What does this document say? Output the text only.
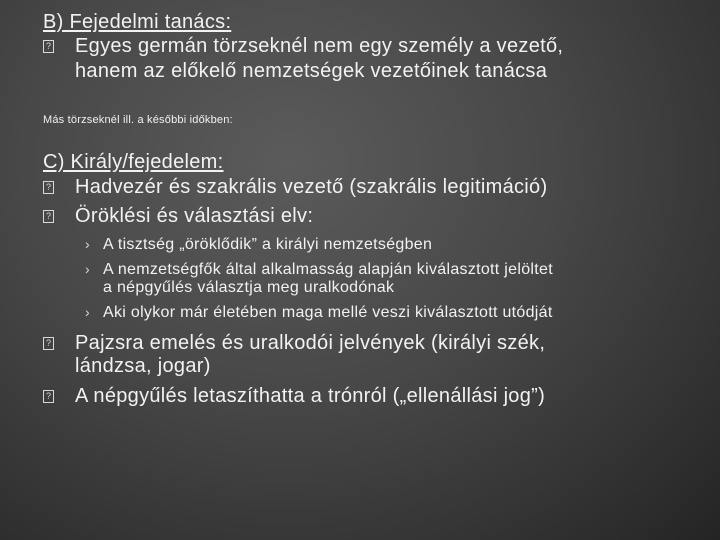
B) Fejedelmi tanács:
? Egyes germán törzseknél nem egy személy a vezető,
hanem az előkelő nemzetségek vezetőinek tanácsa
Más törzseknél ill. a későbbi időkben:
C) Király/fejedelem:
? Hadvezér és szakrális vezető (szakrális legitimáció)
? Öröklési és választási elv:
› A tisztség „öröklődik” a királyi nemzetségben
› A nemzetségfők által alkalmasság alapján kiválasztott jelöltet
a népgyűlés választja meg uralkodónak
› Aki olykor már életében maga mellé veszi kiválasztott utódját
? Pajzsra emelés és uralkodói jelvények (királyi szék,
lándzsa, jogar)
? A népgyűlés letaszíthatta a trónról („ellenállási jog”)
